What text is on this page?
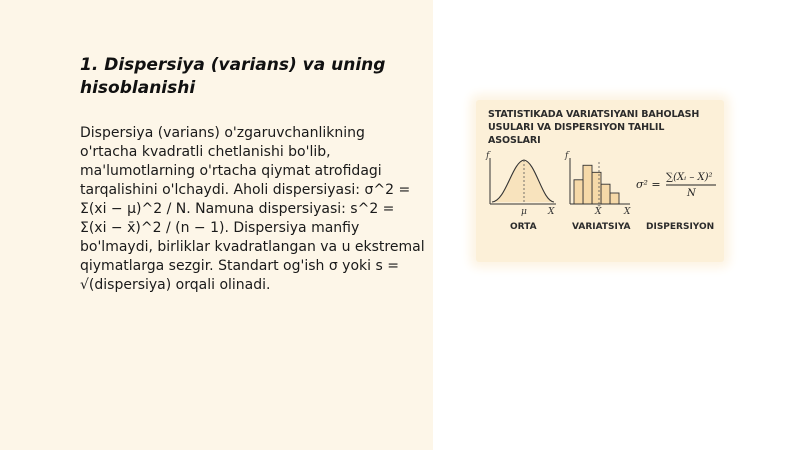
1. Dispersiya (varians) va uning hisoblanishi

Dispersiya (varians) o'zgaruvchanlikning o'rtacha kvadratli chetlanishi bo'lib, ma'lumotlarning o'rtacha qiymat atrofidagi tarqalishini o'lchaydi. Aholi dispersiyasi: σ^2 = Σ(xi − μ)^2 / N. Namuna dispersiyasi: s^2 = Σ(xi − x̄)^2 / (n − 1). Dispersiya manfiy bo'lmaydi, birliklar kvadratlangan va u ekstremal qiymatlarga sezgir. Standart og'ish σ yoki s = √(dispersiya) orqali olinadi.

STATISTIKADA VARIATSIYANI BAHOLASH USULARI VA DISPERSIYON TAHLIL ASOSLARI
f
X
μ
f
X
X̄
σ² =
∑(Xᵢ – X)²
N
ORTA	VARIATSIYA DISPERSIYON
